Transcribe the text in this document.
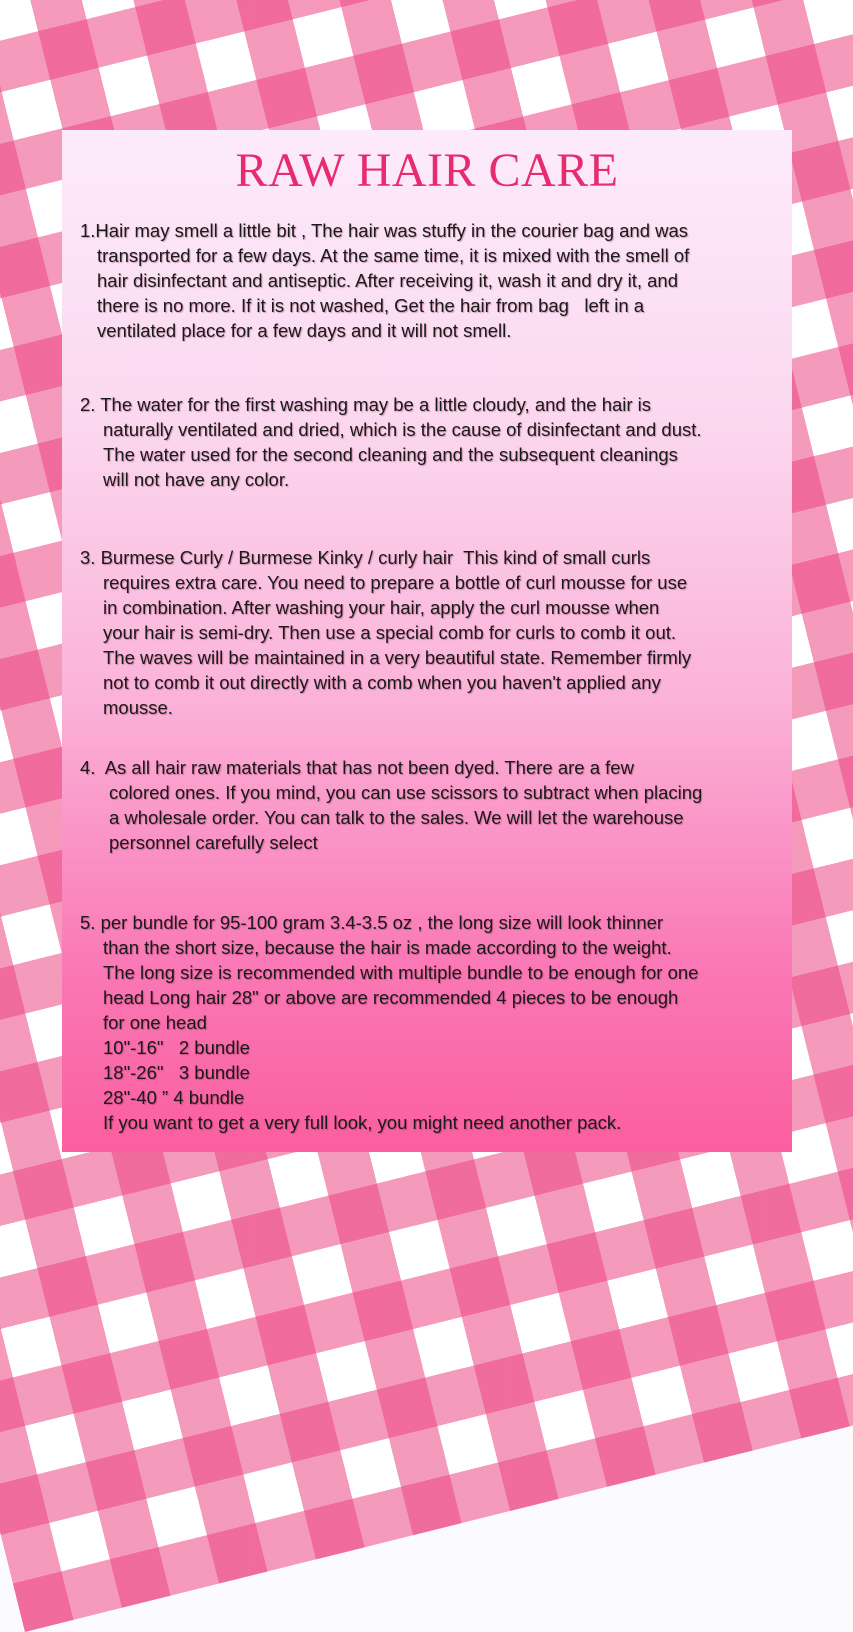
RAW HAIR CARE
1.Hair may smell a little bit , The hair was stuffy in the courier bag and was
transported for a few days. At the same time, it is mixed with the smell of
hair disinfectant and antiseptic. After receiving it, wash it and dry it, and
there is no more. If it is not washed, Get the hair from bag   left in a
ventilated place for a few days and it will not smell.
2. The water for the first washing may be a little cloudy, and the hair is
naturally ventilated and dried, which is the cause of disinfectant and dust.
The water used for the second cleaning and the subsequent cleanings
will not have any color.
3. Burmese Curly / Burmese Kinky / curly hair  This kind of small curls
requires extra care. You need to prepare a bottle of curl mousse for use
in combination. After washing your hair, apply the curl mousse when
your hair is semi-dry. Then use a special comb for curls to comb it out.
The waves will be maintained in a very beautiful state. Remember firmly
not to comb it out directly with a comb when you haven't applied any
mousse.
4.  As all hair raw materials that has not been dyed. There are a few
colored ones. If you mind, you can use scissors to subtract when placing
a wholesale order. You can talk to the sales. We will let the warehouse
personnel carefully select
5. per bundle for 95-100 gram 3.4-3.5 oz , the long size will look thinner
than the short size, because the hair is made according to the weight.
The long size is recommended with multiple bundle to be enough for one
head Long hair 28" or above are recommended 4 pieces to be enough
for one head
10"-16"   2 bundle
18"-26"   3 bundle
28"-40 ” 4 bundle
If you want to get a very full look, you might need another pack.
